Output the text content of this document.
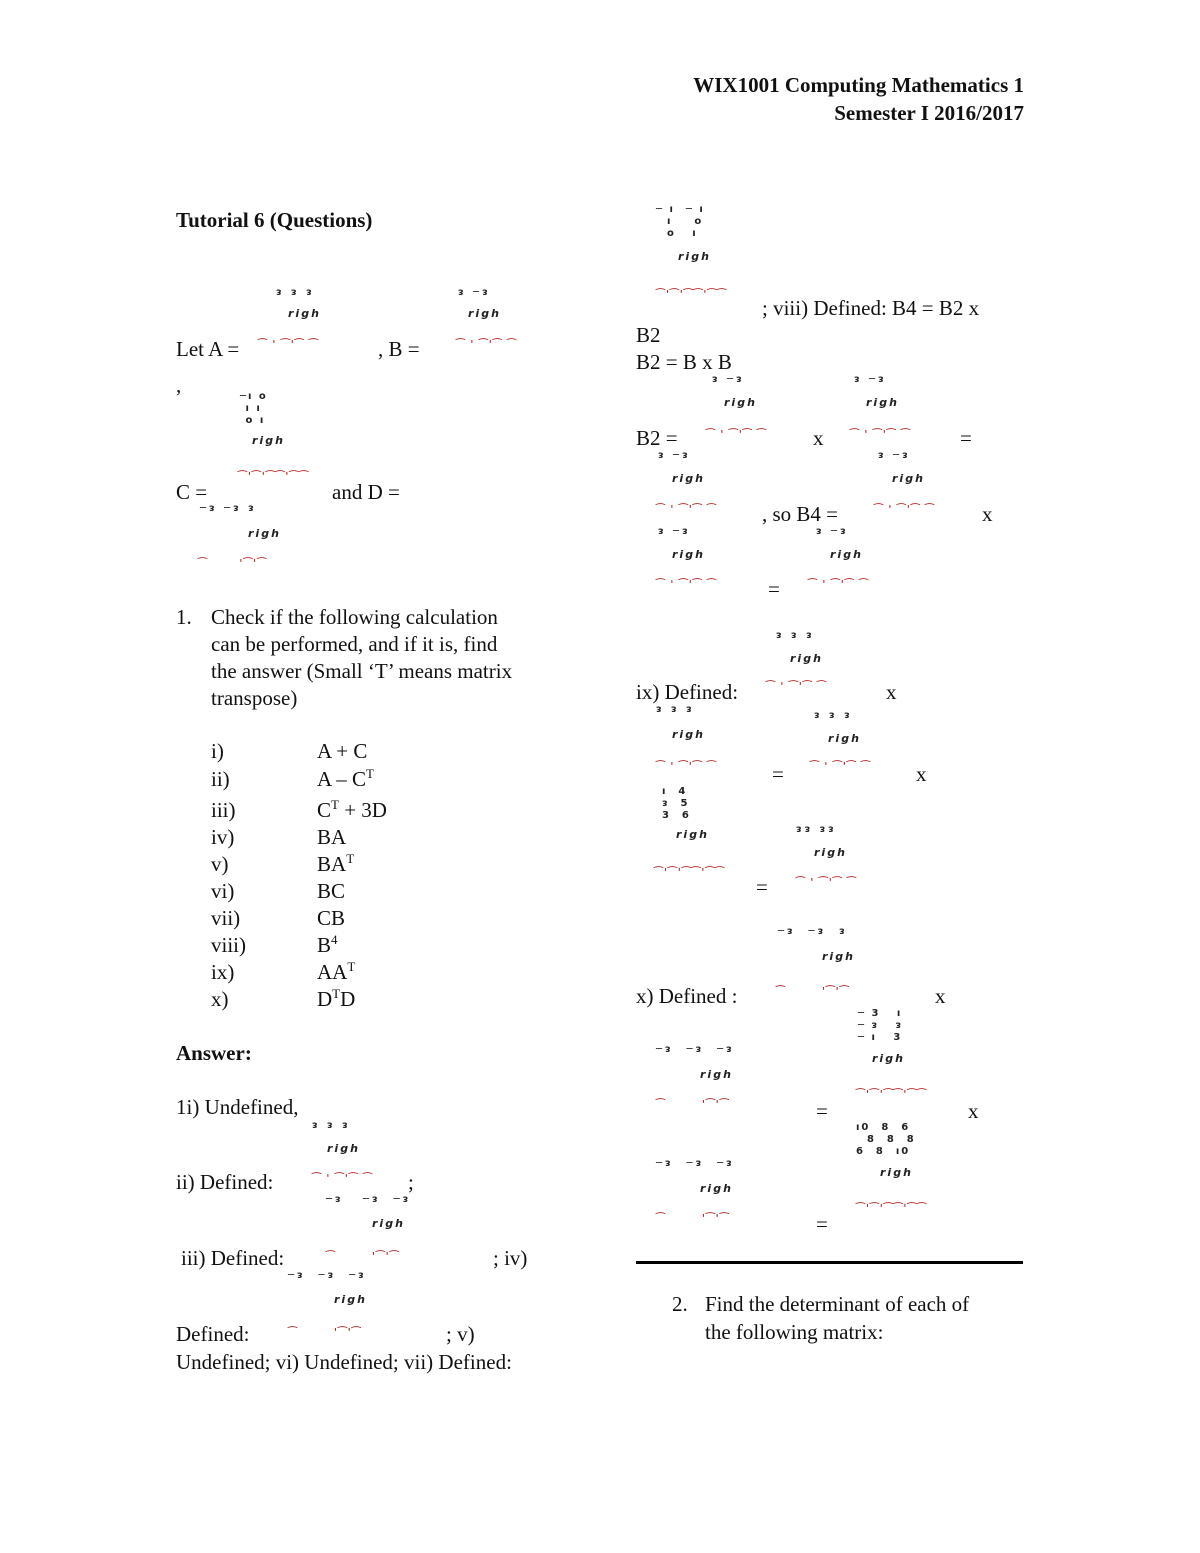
WIX1001 Computing Mathematics 1
Semester I 2016/2017
Tutorial 6 (Questions)
ᴈ ᴈ ᴈ
righ
⁀ ' ⁀'⁀ ⁀
Let A =
ᴈ ─ᴈ
righ
⁀ ' ⁀'⁀ ⁀
, B =
,	─ı o
ı ı
o ı
righ
⁀'⁀'⁀⁀'⁀⁀
C =	and D =
─ᴈ ─ᴈ ᴈ
righ
⁀       '⁀'⁀
1. Check if the following calculation
can be performed, and if it is, find
the answer (Small ‘T’ means matrix
transpose)
i)	A + C
ii)	A – $C^T$
iii)	$C^T + 3D$
iv)	BA
v)	$BA^T$
vi)	BC
vii)	CB
viii)	$B^4$
ix)	$AA^T$
x)	$D^TD$
Answer:
1i) Undefined,
ᴈ ᴈ ᴈ
righ
⁀ ' ⁀'⁀ ⁀
ii) Defined:	;
─ᴈ   ─ᴈ  ─ᴈ
righ
⁀        '⁀'⁀
iii) Defined:	; iv)
─ᴈ  ─ᴈ  ─ᴈ
righ
⁀        '⁀'⁀
Defined:	; v)
Undefined; vi) Undefined; vii) Defined:
─ ı  ─ ı
ı    o
o   ı
righ
⁀'⁀'⁀⁀'⁀⁀
; viii) Defined: B4 = B2 x
B2
B2 = B x B
ᴈ ─ᴈ
righ
⁀ ' ⁀'⁀ ⁀
ᴈ ─ᴈ
righ
⁀ ' ⁀'⁀ ⁀
B2 =	x	=
ᴈ ─ᴈ
righ
⁀ ' ⁀'⁀ ⁀
ᴈ ─ᴈ
righ
⁀ ' ⁀'⁀ ⁀
, so B4 =	x
ᴈ ─ᴈ
righ
⁀ ' ⁀'⁀ ⁀
ᴈ ─ᴈ
righ
⁀ ' ⁀'⁀ ⁀
=
ᴈ ᴈ ᴈ
righ
⁀ ' ⁀'⁀ ⁀
ix) Defined:	x
ᴈ ᴈ ᴈ
righ
⁀ ' ⁀'⁀ ⁀
ᴈ ᴈ ᴈ
righ
⁀ ' ⁀'⁀ ⁀
=	x
ı  4
ᴈ  5
3  6
righ
⁀'⁀'⁀⁀'⁀⁀
ᴈᴈ ᴈᴈ
righ
⁀ ' ⁀'⁀ ⁀
=
─ᴈ  ─ᴈ  ᴈ
righ
⁀        '⁀'⁀
x) Defined :	x
─ 3   ı
─ ᴈ   ᴈ
─ ı   3
righ
⁀'⁀'⁀⁀'⁀⁀
─ᴈ  ─ᴈ  ─ᴈ
righ
⁀        '⁀'⁀	=	x
ı0  8  6
8  8  8
6  8  ı0
righ
⁀'⁀'⁀⁀'⁀⁀
─ᴈ  ─ᴈ  ─ᴈ
righ
⁀        '⁀'⁀	=
2. Find the determinant of each of
the following matrix:
